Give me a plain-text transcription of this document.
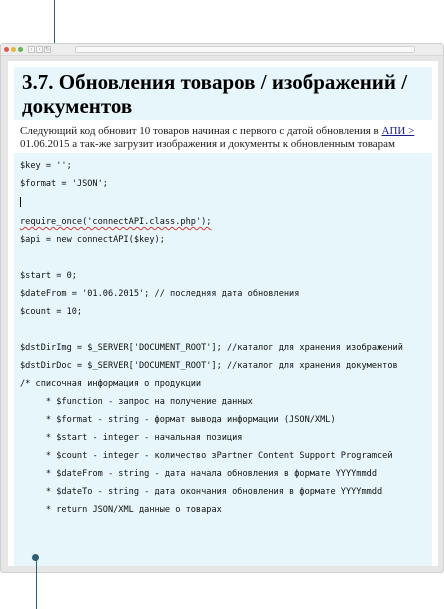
‹ › ↻
3.7. Обновления товаров / изображений / документов
Следующий код обновит 10 товаров начиная с первого с датой обновления в АПИ > 01.06.2015 а так-же загрузит изображения и документы к обновленным товарам
$key = '';
$format = 'JSON';
require_once('connectAPI.class.php');
$api = new connectAPI($key);
$start = 0;
$dateFrom = '01.06.2015'; // последняя дата обновления
$count = 10;
$dstDirImg = $_SERVER['DOCUMENT_ROOT']; //каталог для хранения изображений
$dstDirDoc = $_SERVER['DOCUMENT_ROOT']; //каталог для хранения документов
/* списочная информация о продукции
* $function - запрос на получение данных
* $format - string - формат вывода информации (JSON/XML)
* $start - integer - начальная позиция
* $count - integer - количество зPartner Content Support Programсей
* $dateFrom - string - дата начала обновления в формате YYYYmmdd
* $dateTo - string - дата окончания обновления в формате YYYYmmdd
* return JSON/XML данные о товарах
